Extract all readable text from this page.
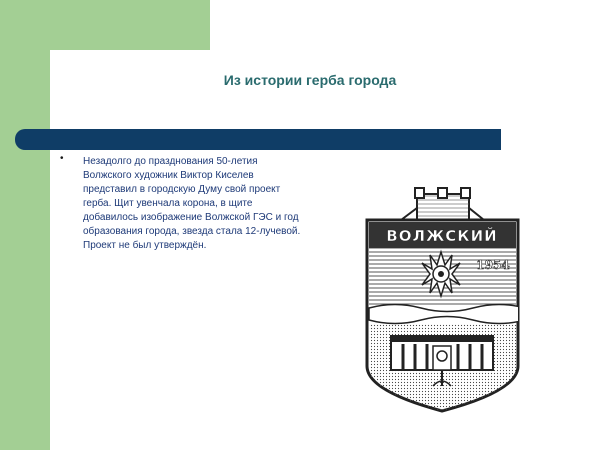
Из истории герба города
• Незадолго до празднования 50-летия Волжского художник Виктор Киселев представил в городскую Думу свой проект герба. Щит увенчала корона, в щите добавилось изображение Волжской ГЭС и год образования города, звезда стала 12-лучевой. Проект не был утверждён.

ВОЛЖСКИЙ
1954
